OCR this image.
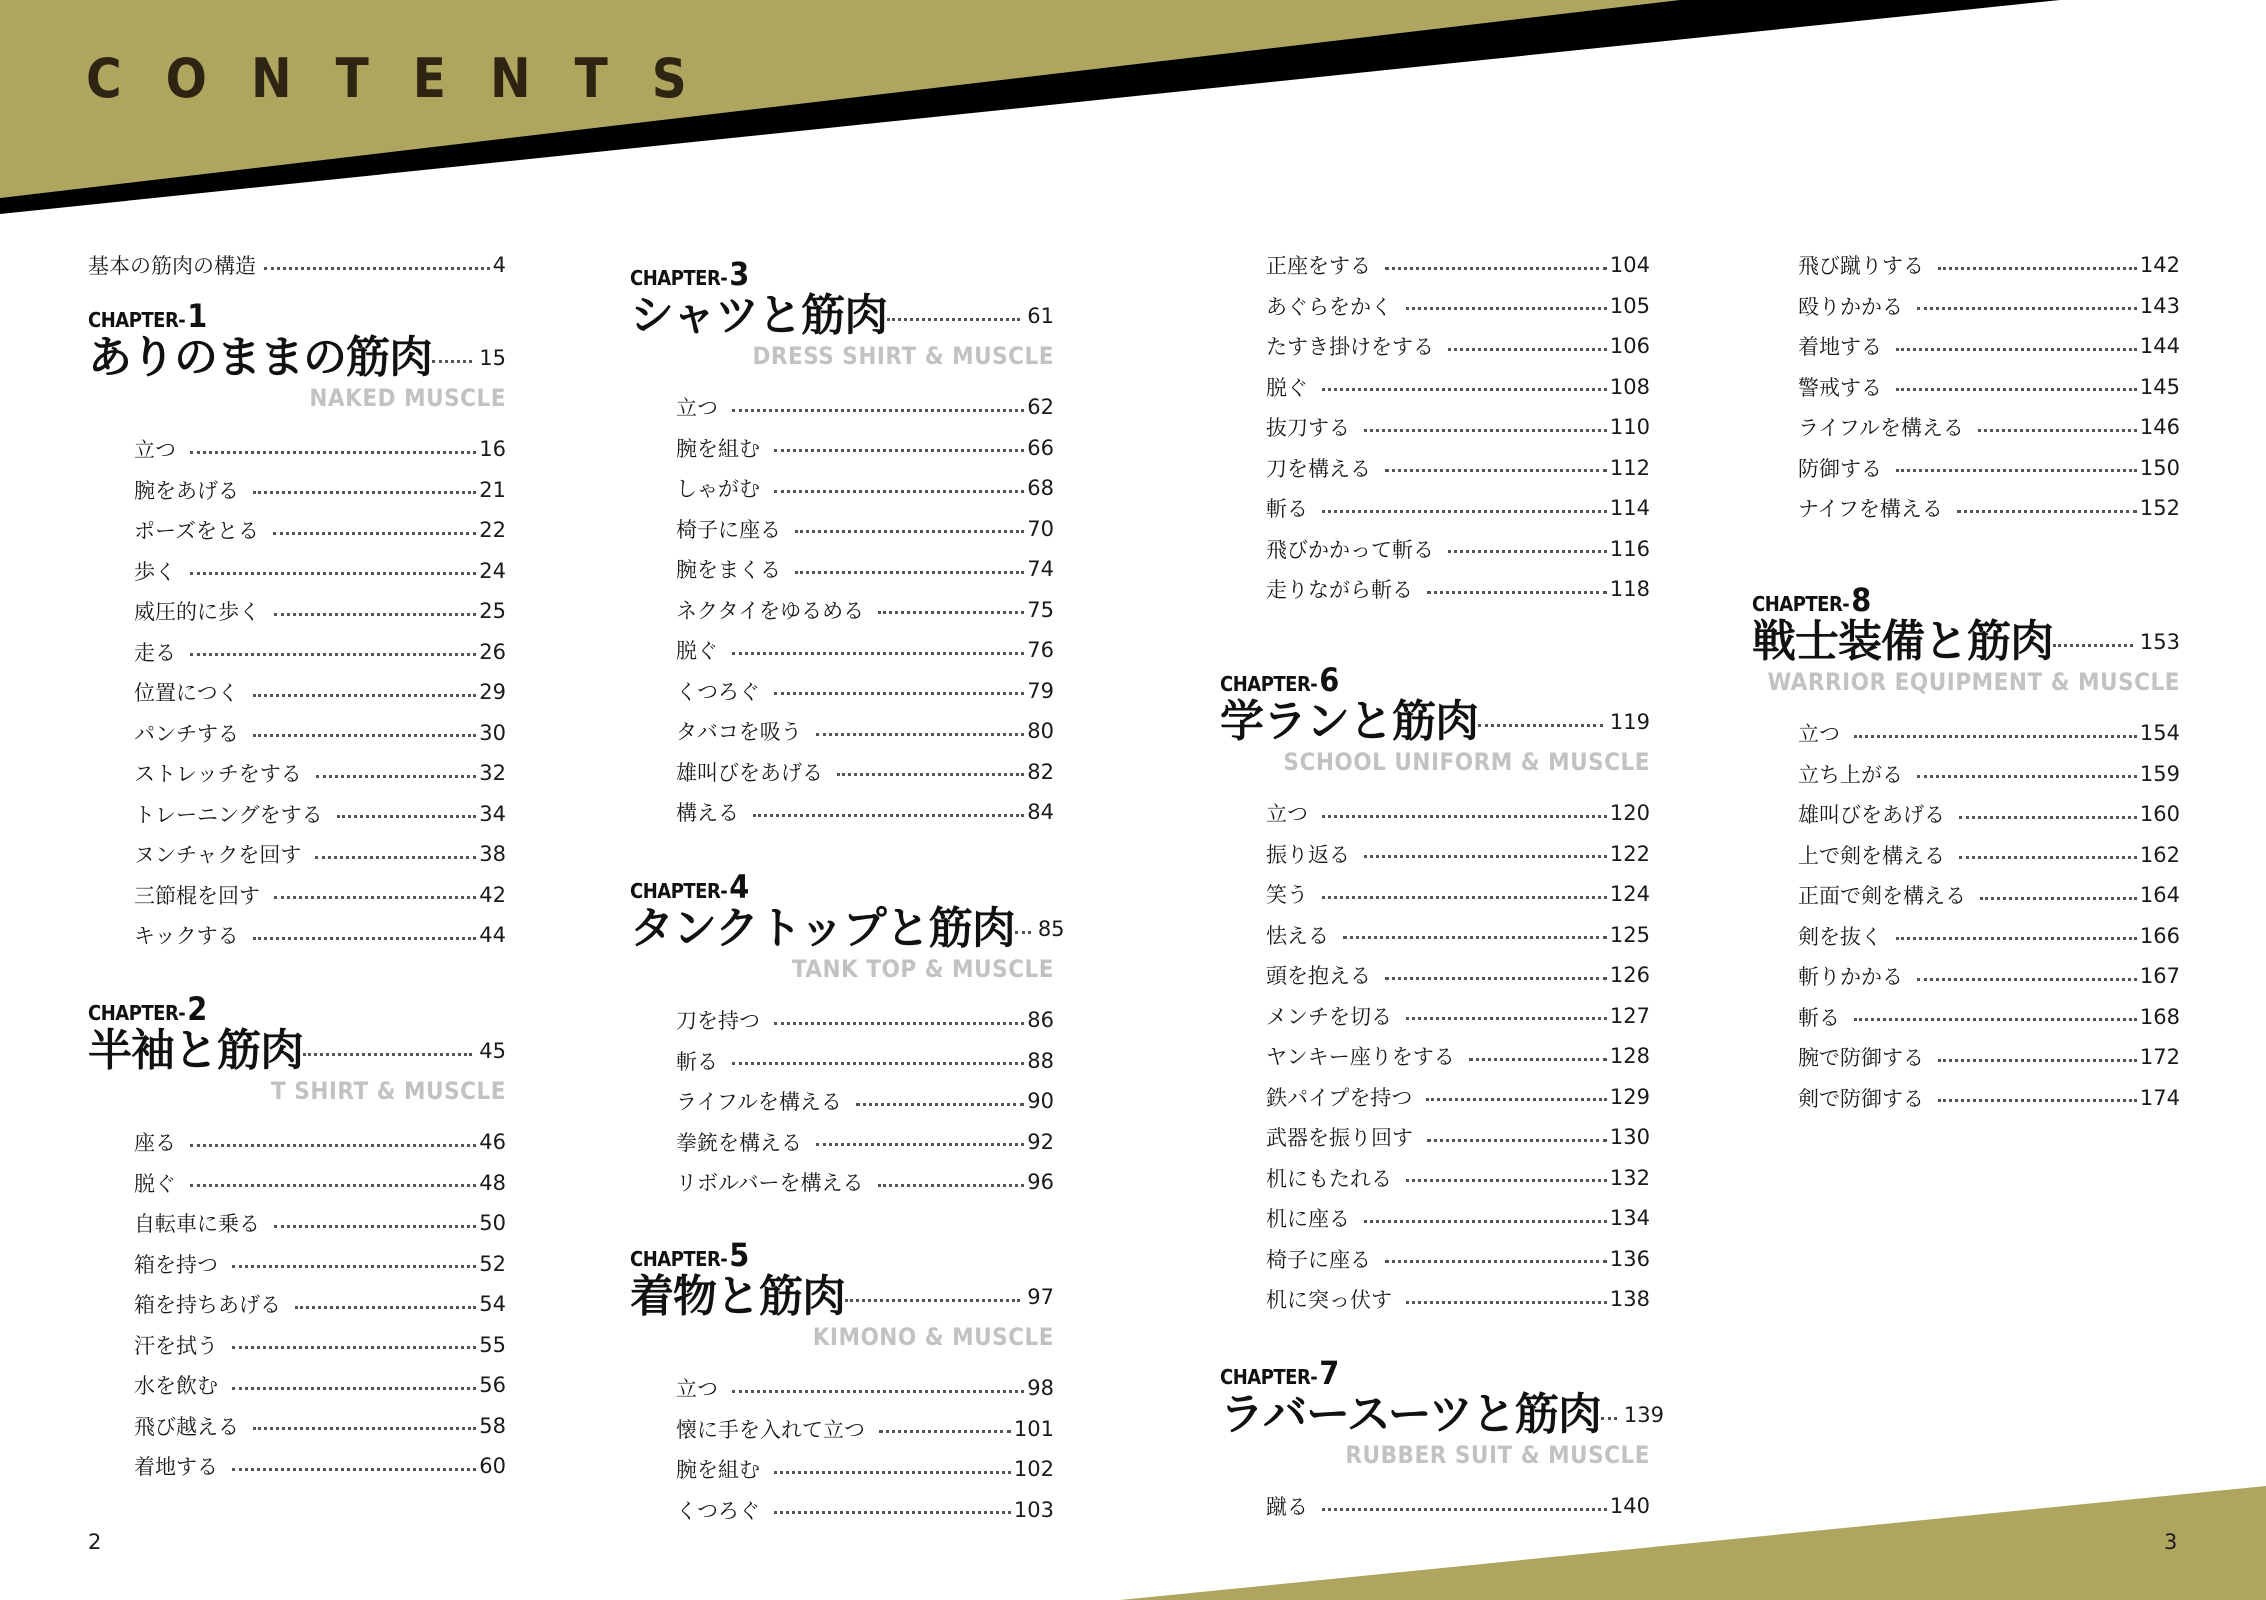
CONTENTS
基本の筋肉の構造	4
CHAPTER-1
ありのままの筋肉 15
NAKED MUSCLE
立つ	16
腕をあげる	21
ポーズをとる	22
歩く	24
威圧的に歩く	25
走る	26
位置につく	29
パンチする	30
ストレッチをする	32
トレーニングをする	34
ヌンチャクを回す	38
三節棍を回す	42
キックする	44
CHAPTER-2
半袖と筋肉	45
T SHIRT & MUSCLE
座る	46
脱ぐ	48
自転車に乗る	50
箱を持つ	52
箱を持ちあげる	54
汗を拭う	55
水を飲む	56
飛び越える	58
着地する	60
CHAPTER-3
シャツと筋肉	61
DRESS SHIRT & MUSCLE
立つ	62
腕を組む	66
しゃがむ	68
椅子に座る	70
腕をまくる	74
ネクタイをゆるめる	75
脱ぐ	76
くつろぐ	79
タバコを吸う	80
雄叫びをあげる	82
構える	84
CHAPTER-4
タンクトップと筋肉 85
TANK TOP & MUSCLE
刀を持つ	86
斬る	88
ライフルを構える	90
拳銃を構える	92
リボルバーを構える	96
CHAPTER-5
着物と筋肉	97
KIMONO & MUSCLE
立つ	98
懐に手を入れて立つ	101
腕を組む	102
くつろぐ	103
正座をする	104
あぐらをかく	105
たすき掛けをする	106
脱ぐ	108
抜刀する	110
刀を構える	112
斬る	114
飛びかかって斬る	116
走りながら斬る	118
CHAPTER-6
学ランと筋肉	119
SCHOOL UNIFORM & MUSCLE
立つ	120
振り返る	122
笑う	124
怯える	125
頭を抱える	126
メンチを切る	127
ヤンキー座りをする	128
鉄パイプを持つ	129
武器を振り回す	130
机にもたれる	132
机に座る	134
椅子に座る	136
机に突っ伏す	138
CHAPTER-7
ラバースーツと筋肉 139
RUBBER SUIT & MUSCLE
蹴る	140
飛び蹴りする	142
殴りかかる	143
着地する	144
警戒する	145
ライフルを構える	146
防御する	150
ナイフを構える	152
CHAPTER-8
戦士装備と筋肉	153
WARRIOR EQUIPMENT & MUSCLE
立つ	154
立ち上がる	159
雄叫びをあげる	160
上で剣を構える	162
正面で剣を構える	164
剣を抜く	166
斬りかかる	167
斬る	168
腕で防御する	172
剣で防御する	174
2	3
